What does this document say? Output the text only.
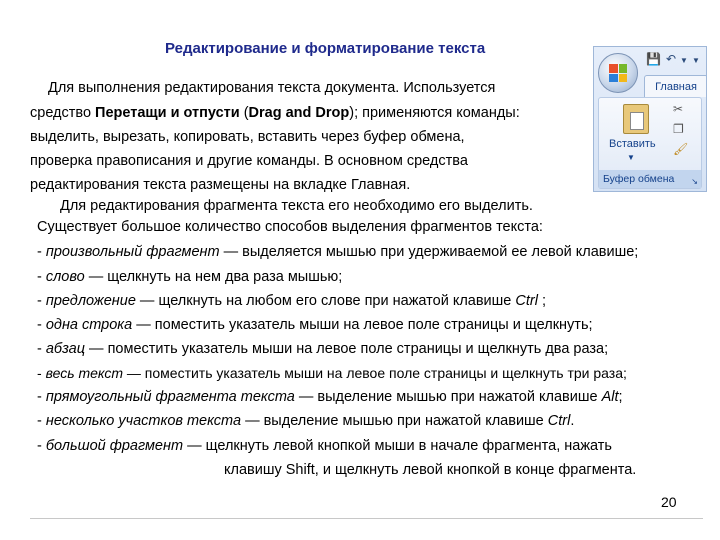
Редактирование и форматирование текста
Для выполнения редактирования текста документа. Используется
средство Перетащи и отпусти (Drag and Drop); применяются команды:
выделить, вырезать, копировать, вставить через буфер обмена,
проверка правописания и другие команды. В основном средства
редактирования текста размещены на вкладке Главная.
Для редактирования фрагмента текста его необходимо его выделить.
Существует большое количество способов выделения фрагментов текста:
- произвольный фрагмент — выделяется мышью при удерживаемой ее левой клавише;
- слово — щелкнуть на нем два раза мышью;
- предложение — щелкнуть на любом его слове при нажатой клавише Ctrl ;
- одна строка — поместить указатель мыши на левое поле страницы и щелкнуть;
- абзац — поместить указатель мыши на левое поле страницы и щелкнуть два раза;
- весь текст — поместить указатель мыши на левое поле страницы и щелкнуть три раза;
- прямоугольный фрагмента текста — выделение мышью при нажатой клавише Alt;
- несколько участков текста — выделение мышью при нажатой клавише Ctrl.
- большой фрагмент — щелкнуть левой кнопкой мыши в начале фрагмента, нажать
клавишу Shift, и щелкнуть левой кнопкой в конце фрагмента.
20
💾 ↶ ▼ ▼
Главная
Вставить
▼
✂
❐
🖌
Буфер обмена	↘
